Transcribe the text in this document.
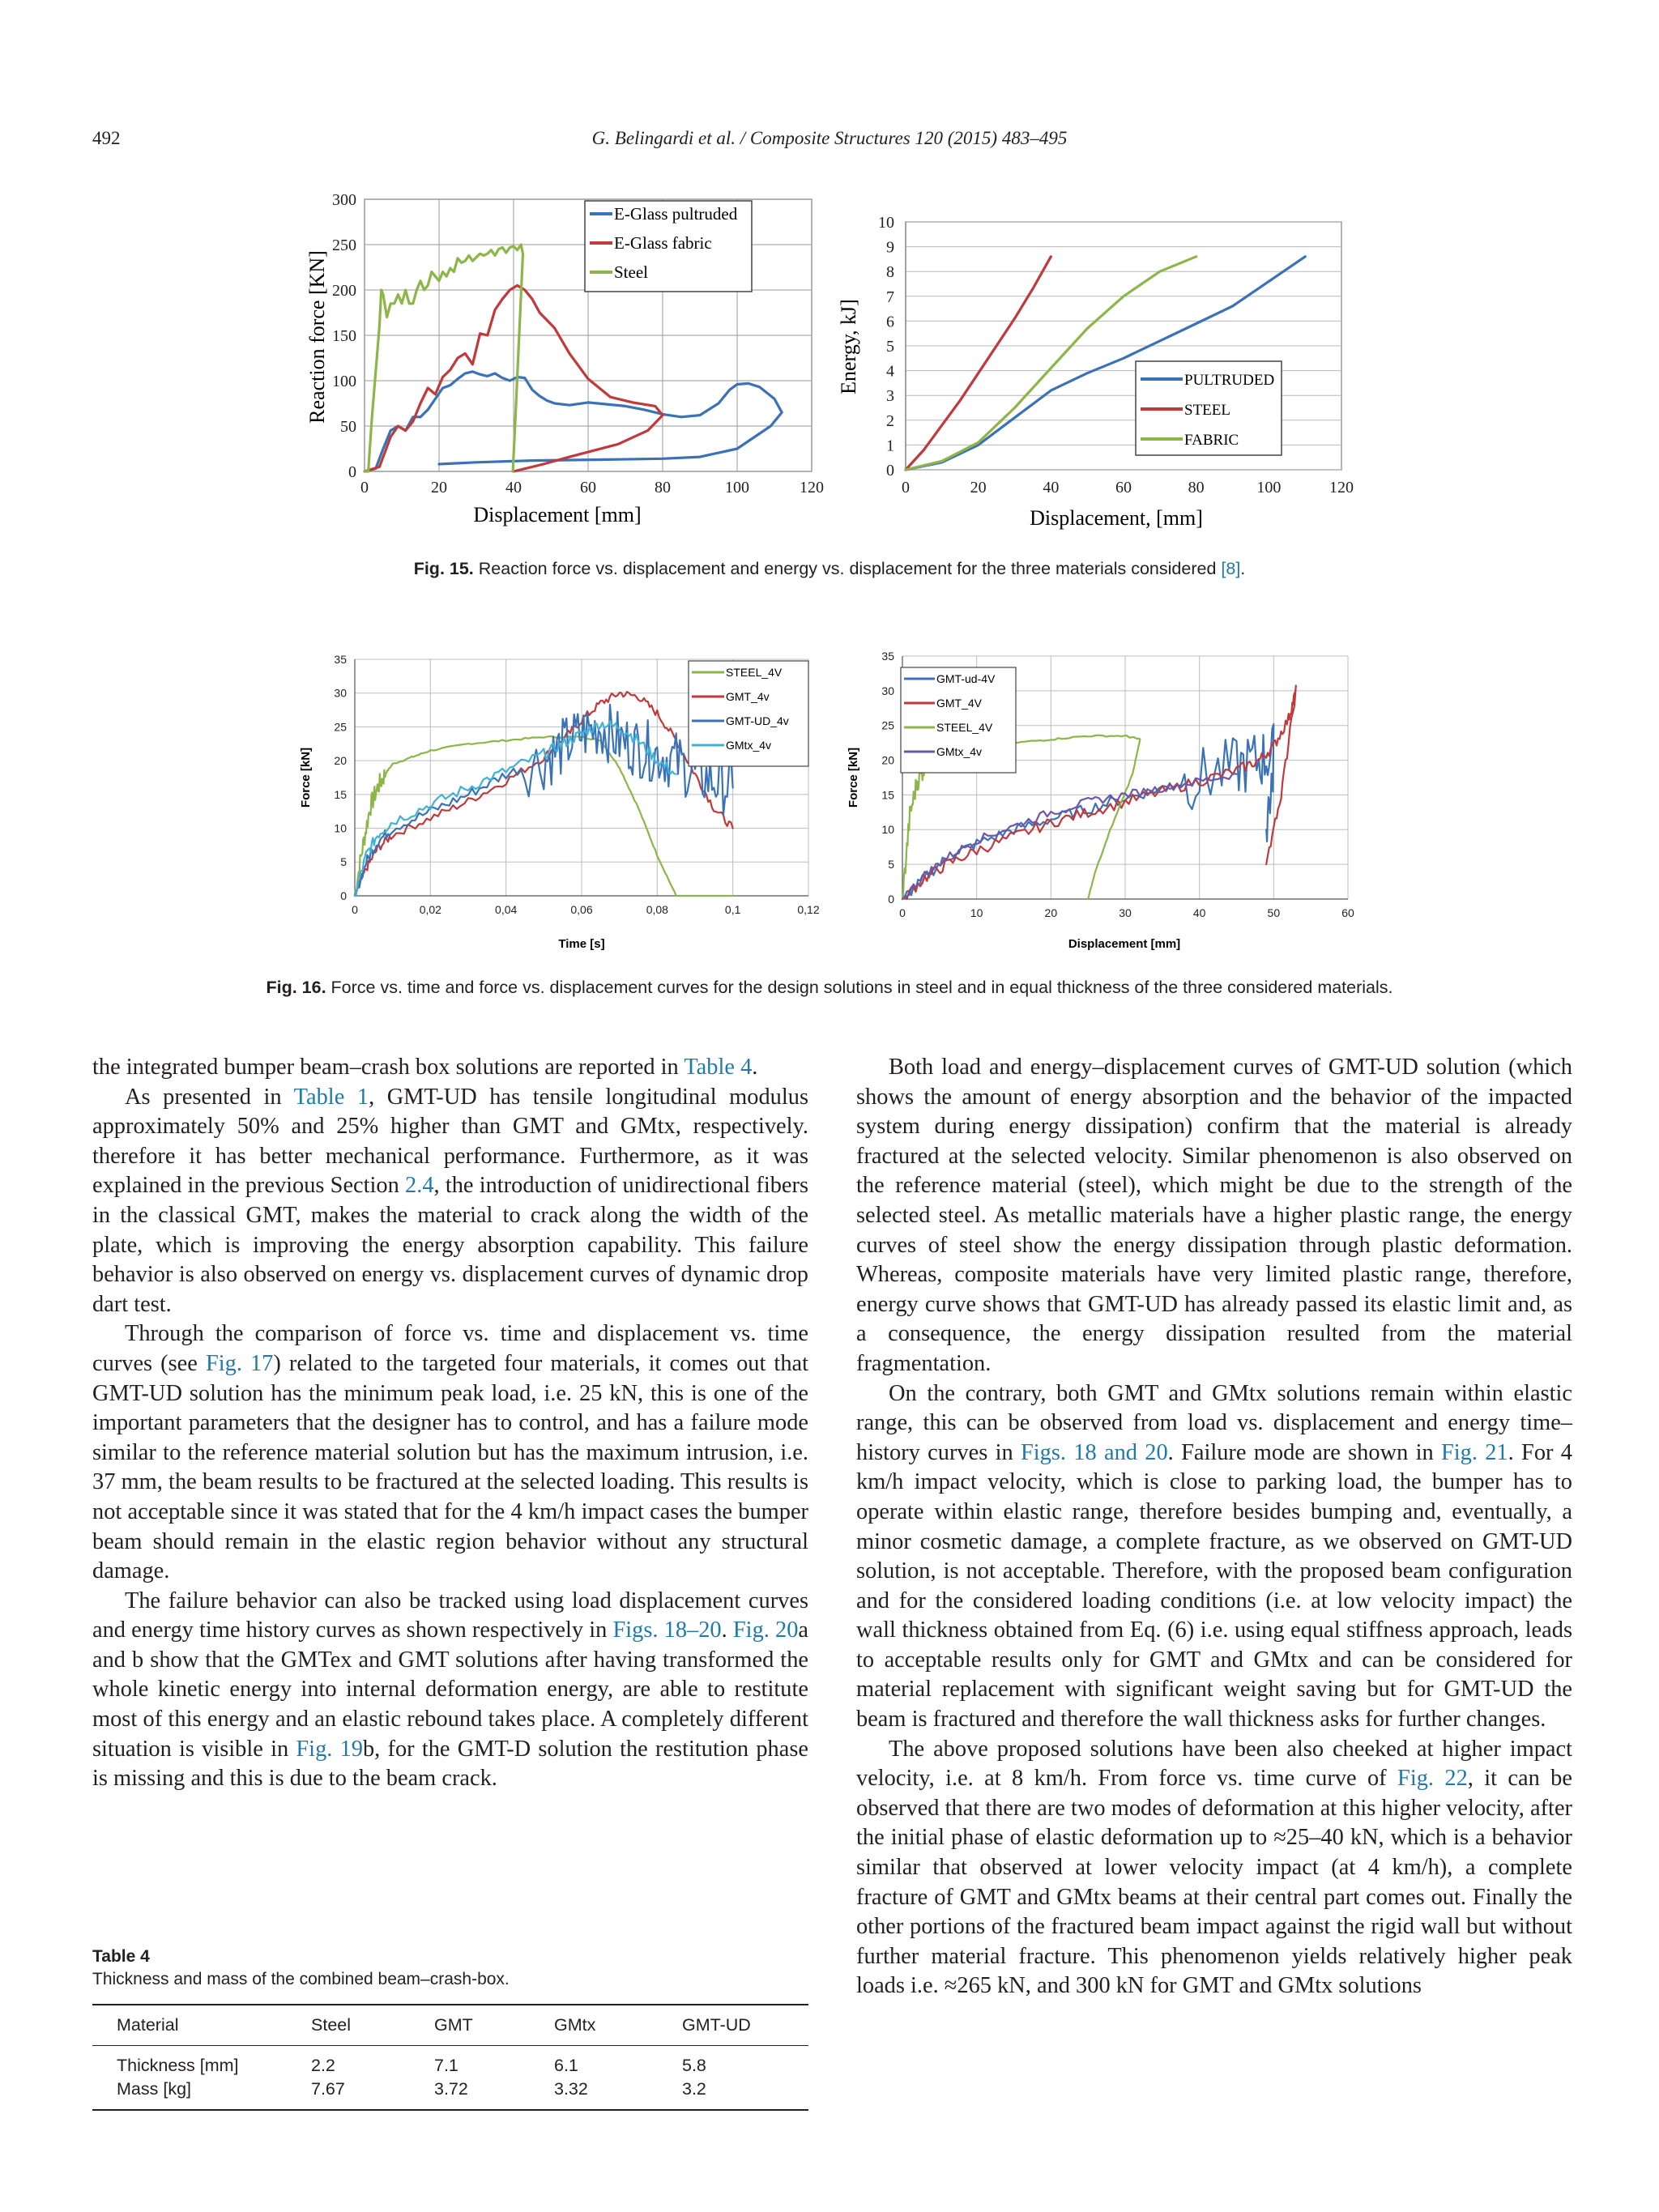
492	G. Belingardi et al. / Composite Structures 120 (2015) 483–495
0
50
100
150
200
250
300
0	20	40	60	80	100	120
Reaction force [KN]
Displacement [mm]
E-Glass pultruded
E-Glass fabric
Steel
0
1
2
3
4
5
6
7
8
9
10
0	20	40	60	80	100	120
Energy, kJ]
Displacement, [mm]
PULTRUDED
STEEL
FABRIC
Fig. 15. Reaction force vs. displacement and energy vs. displacement for the three materials considered [8].
0
5
10
15
20
25
30
35
0	0,02	0,04	0,06	0,08	0,1	0,12
Force [kN]
Time [s]
STEEL_4V
GMT_4v
GMT-UD_4v
GMtx_4v
0
5
10
15
20
25
30
35
0	10	20	30	40	50	60
Force [kN]
Displacement [mm]
GMT-ud-4V
GMT_4V
STEEL_4V
GMtx_4v
Fig. 16. Force vs. time and force vs. displacement curves for the design solutions in steel and in equal thickness of the three considered materials.

the integrated bumper beam–crash box solutions are reported in Table 4.

As presented in Table 1, GMT-UD has tensile longitudinal modulus approximately 50% and 25% higher than GMT and GMtx, respectively. therefore it has better mechanical performance. Furthermore, as it was explained in the previous Section 2.4, the introduction of unidirectional fibers in the classical GMT, makes the material to crack along the width of the plate, which is improving the energy absorption capability. This failure behavior is also observed on energy vs. displacement curves of dynamic drop dart test.

Through the comparison of force vs. time and displacement vs. time curves (see Fig. 17) related to the targeted four materials, it comes out that GMT-UD solution has the minimum peak load, i.e. 25 kN, this is one of the important parameters that the designer has to control, and has a failure mode similar to the reference material solution but has the maximum intrusion, i.e. 37 mm, the beam results to be fractured at the selected loading. This results is not acceptable since it was stated that for the 4 km/h impact cases the bumper beam should remain in the elastic region behavior without any structural damage.

The failure behavior can also be tracked using load displacement curves and energy time history curves as shown respectively in Figs. 18–20. Fig. 20a and b show that the GMTex and GMT solutions after having transformed the whole kinetic energy into internal deformation energy, are able to restitute most of this energy and an elastic rebound takes place. A completely different situation is visible in Fig. 19b, for the GMT-D solution the restitution phase is missing and this is due to the beam crack.

Table 4
Thickness and mass of the combined beam–crash-box.
Material	Steel	GMT	GMtx	GMT-UD
Thickness [mm]	2.2	7.1	6.1	5.8
Mass [kg]	7.67	3.72	3.32	3.2

Both load and energy–displacement curves of GMT-UD solution (which shows the amount of energy absorption and the behavior of the impacted system during energy dissipation) confirm that the material is already fractured at the selected velocity. Similar phenomenon is also observed on the reference material (steel), which might be due to the strength of the selected steel. As metallic materials have a higher plastic range, the energy curves of steel show the energy dissipation through plastic deformation. Whereas, composite materials have very limited plastic range, therefore, energy curve shows that GMT-UD has already passed its elastic limit and, as a consequence, the energy dissipation resulted from the material fragmentation.

On the contrary, both GMT and GMtx solutions remain within elastic range, this can be observed from load vs. displacement and energy time–history curves in Figs. 18 and 20. Failure mode are shown in Fig. 21. For 4 km/h impact velocity, which is close to parking load, the bumper has to operate within elastic range, therefore besides bumping and, eventually, a minor cosmetic damage, a complete fracture, as we observed on GMT-UD solution, is not acceptable. Therefore, with the proposed beam configuration and for the considered loading conditions (i.e. at low velocity impact) the wall thickness obtained from Eq. (6) i.e. using equal stiffness approach, leads to acceptable results only for GMT and GMtx and can be considered for material replacement with significant weight saving but for GMT-UD the beam is fractured and therefore the wall thickness asks for further changes.

The above proposed solutions have been also cheeked at higher impact velocity, i.e. at 8 km/h. From force vs. time curve of Fig. 22, it can be observed that there are two modes of deformation at this higher velocity, after the initial phase of elastic deformation up to ≈25–40 kN, which is a behavior similar that observed at lower velocity impact (at 4 km/h), a complete fracture of GMT and GMtx beams at their central part comes out. Finally the other portions of the fractured beam impact against the rigid wall but without further material fracture. This phenomenon yields relatively higher peak loads i.e. ≈265 kN, and 300 kN for GMT and GMtx solutions
